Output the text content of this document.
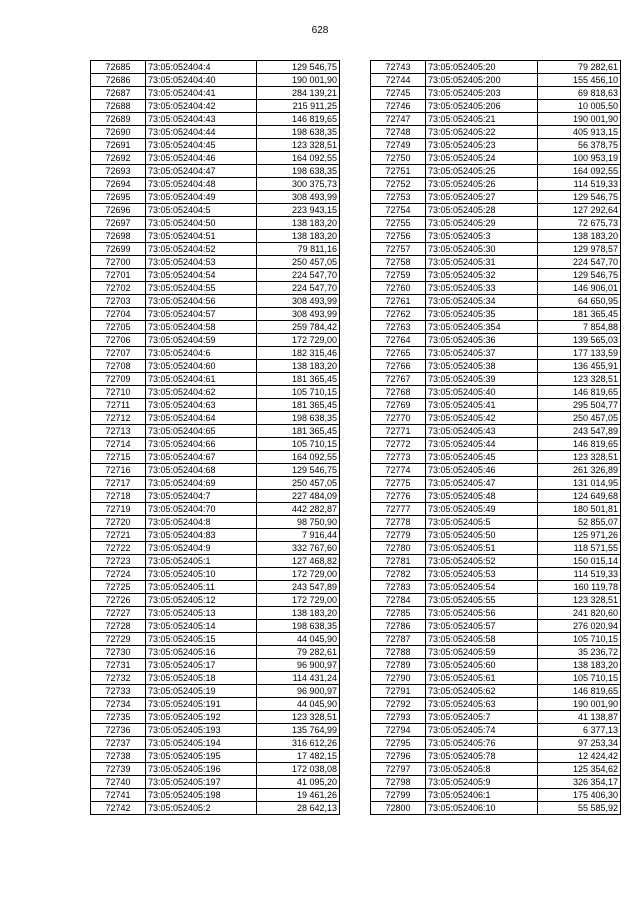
628
72685	73:05:052404:4	129 546,75
72686	73:05:052404:40	190 001,90
72687	73:05:052404:41	284 139,21
72688	73:05:052404:42	215 911,25
72689	73:05:052404:43	146 819,65
72690	73:05:052404:44	198 638,35
72691	73:05:052404:45	123 328,51
72692	73:05:052404:46	164 092,55
72693	73:05:052404:47	198 638,35
72694	73:05:052404:48	300 375,73
72695	73:05:052404:49	308 493,99
72696	73:05:052404:5	223 943,15
72697	73:05:052404:50	138 183,20
72698	73:05:052404:51	138 183,20
72699	73:05:052404:52	79 811,16
72700	73:05:052404:53	250 457,05
72701	73:05:052404:54	224 547,70
72702	73:05:052404:55	224 547,70
72703	73:05:052404:56	308 493,99
72704	73:05:052404:57	308 493,99
72705	73:05:052404:58	259 784,42
72706	73:05:052404:59	172 729,00
72707	73:05:052404:6	182 315,46
72708	73:05:052404:60	138 183,20
72709	73:05:052404:61	181 365,45
72710	73:05:052404:62	105 710,15
72711	73:05:052404:63	181 365,45
72712	73:05:052404:64	198 638,35
72713	73:05:052404:65	181 365,45
72714	73:05:052404:66	105 710,15
72715	73:05:052404:67	164 092,55
72716	73:05:052404:68	129 546,75
72717	73:05:052404:69	250 457,05
72718	73:05:052404:7	227 484,09
72719	73:05:052404:70	442 282,87
72720	73:05:052404:8	98 750,90
72721	73:05:052404:83	7 916,44
72722	73:05:052404:9	332 767,60
72723	73:05:052405:1	127 468,82
72724	73:05:052405:10	172 729,00
72725	73:05:052405:11	243 547,89
72726	73:05:052405:12	172 729,00
72727	73:05:052405:13	138 183,20
72728	73:05:052405:14	198 638,35
72729	73:05:052405:15	44 045,90
72730	73:05:052405:16	79 282,61
72731	73:05:052405:17	96 900,97
72732	73:05:052405:18	114 431,24
72733	73:05:052405:19	96 900,97
72734	73:05:052405:191	44 045,90
72735	73:05:052405:192	123 328,51
72736	73:05:052405:193	135 764,99
72737	73:05:052405:194	316 612,26
72738	73:05:052405:195	17 482,15
72739	73:05:052405:196	172 038,08
72740	73:05:052405:197	41 095,20
72741	73:05:052405:198	19 461,26
72742	73:05:052405:2	28 642,13
72743	73:05:052405:20	79 282,61
72744	73:05:052405:200	155 456,10
72745	73:05:052405:203	69 818,63
72746	73:05:052405:206	10 005,50
72747	73:05:052405:21	190 001,90
72748	73:05:052405:22	405 913,15
72749	73:05:052405:23	56 378,75
72750	73:05:052405:24	100 953,19
72751	73:05:052405:25	164 092,55
72752	73:05:052405:26	114 519,33
72753	73:05:052405:27	129 546,75
72754	73:05:052405:28	127 292,64
72755	73:05:052405:29	72 675,73
72756	73:05:052405:3	138 183,20
72757	73:05:052405:30	129 978,57
72758	73:05:052405:31	224 547,70
72759	73:05:052405:32	129 546,75
72760	73:05:052405:33	146 906,01
72761	73:05:052405:34	64 650,95
72762	73:05:052405:35	181 365,45
72763	73:05:052405:354	7 854,88
72764	73:05:052405:36	139 565,03
72765	73:05:052405:37	177 133,59
72766	73:05:052405:38	136 455,91
72767	73:05:052405:39	123 328,51
72768	73:05:052405:40	146 819,65
72769	73:05:052405:41	295 504,77
72770	73:05:052405:42	250 457,05
72771	73:05:052405:43	243 547,89
72772	73:05:052405:44	146 819,65
72773	73:05:052405:45	123 328,51
72774	73:05:052405:46	261 326,89
72775	73:05:052405:47	131 014,95
72776	73:05:052405:48	124 649,68
72777	73:05:052405:49	180 501,81
72778	73:05:052405:5	52 855,07
72779	73:05:052405:50	125 971,26
72780	73:05:052405:51	118 571,55
72781	73:05:052405:52	150 015,14
72782	73:05:052405:53	114 519,33
72783	73:05:052405:54	160 119,78
72784	73:05:052405:55	123 328,51
72785	73:05:052405:56	241 820,60
72786	73:05:052405:57	276 020,94
72787	73:05:052405:58	105 710,15
72788	73:05:052405:59	35 236,72
72789	73:05:052405:60	138 183,20
72790	73:05:052405:61	105 710,15
72791	73:05:052405:62	146 819,65
72792	73:05:052405:63	190 001,90
72793	73:05:052405:7	41 138,87
72794	73:05:052405:74	6 377,13
72795	73:05:052405:76	97 253,34
72796	73:05:052405:78	12 424,42
72797	73:05:052405:8	125 354,62
72798	73:05:052405:9	326 354,17
72799	73:05:052406:1	175 406,30
72800	73:05:052406:10	55 585,92
